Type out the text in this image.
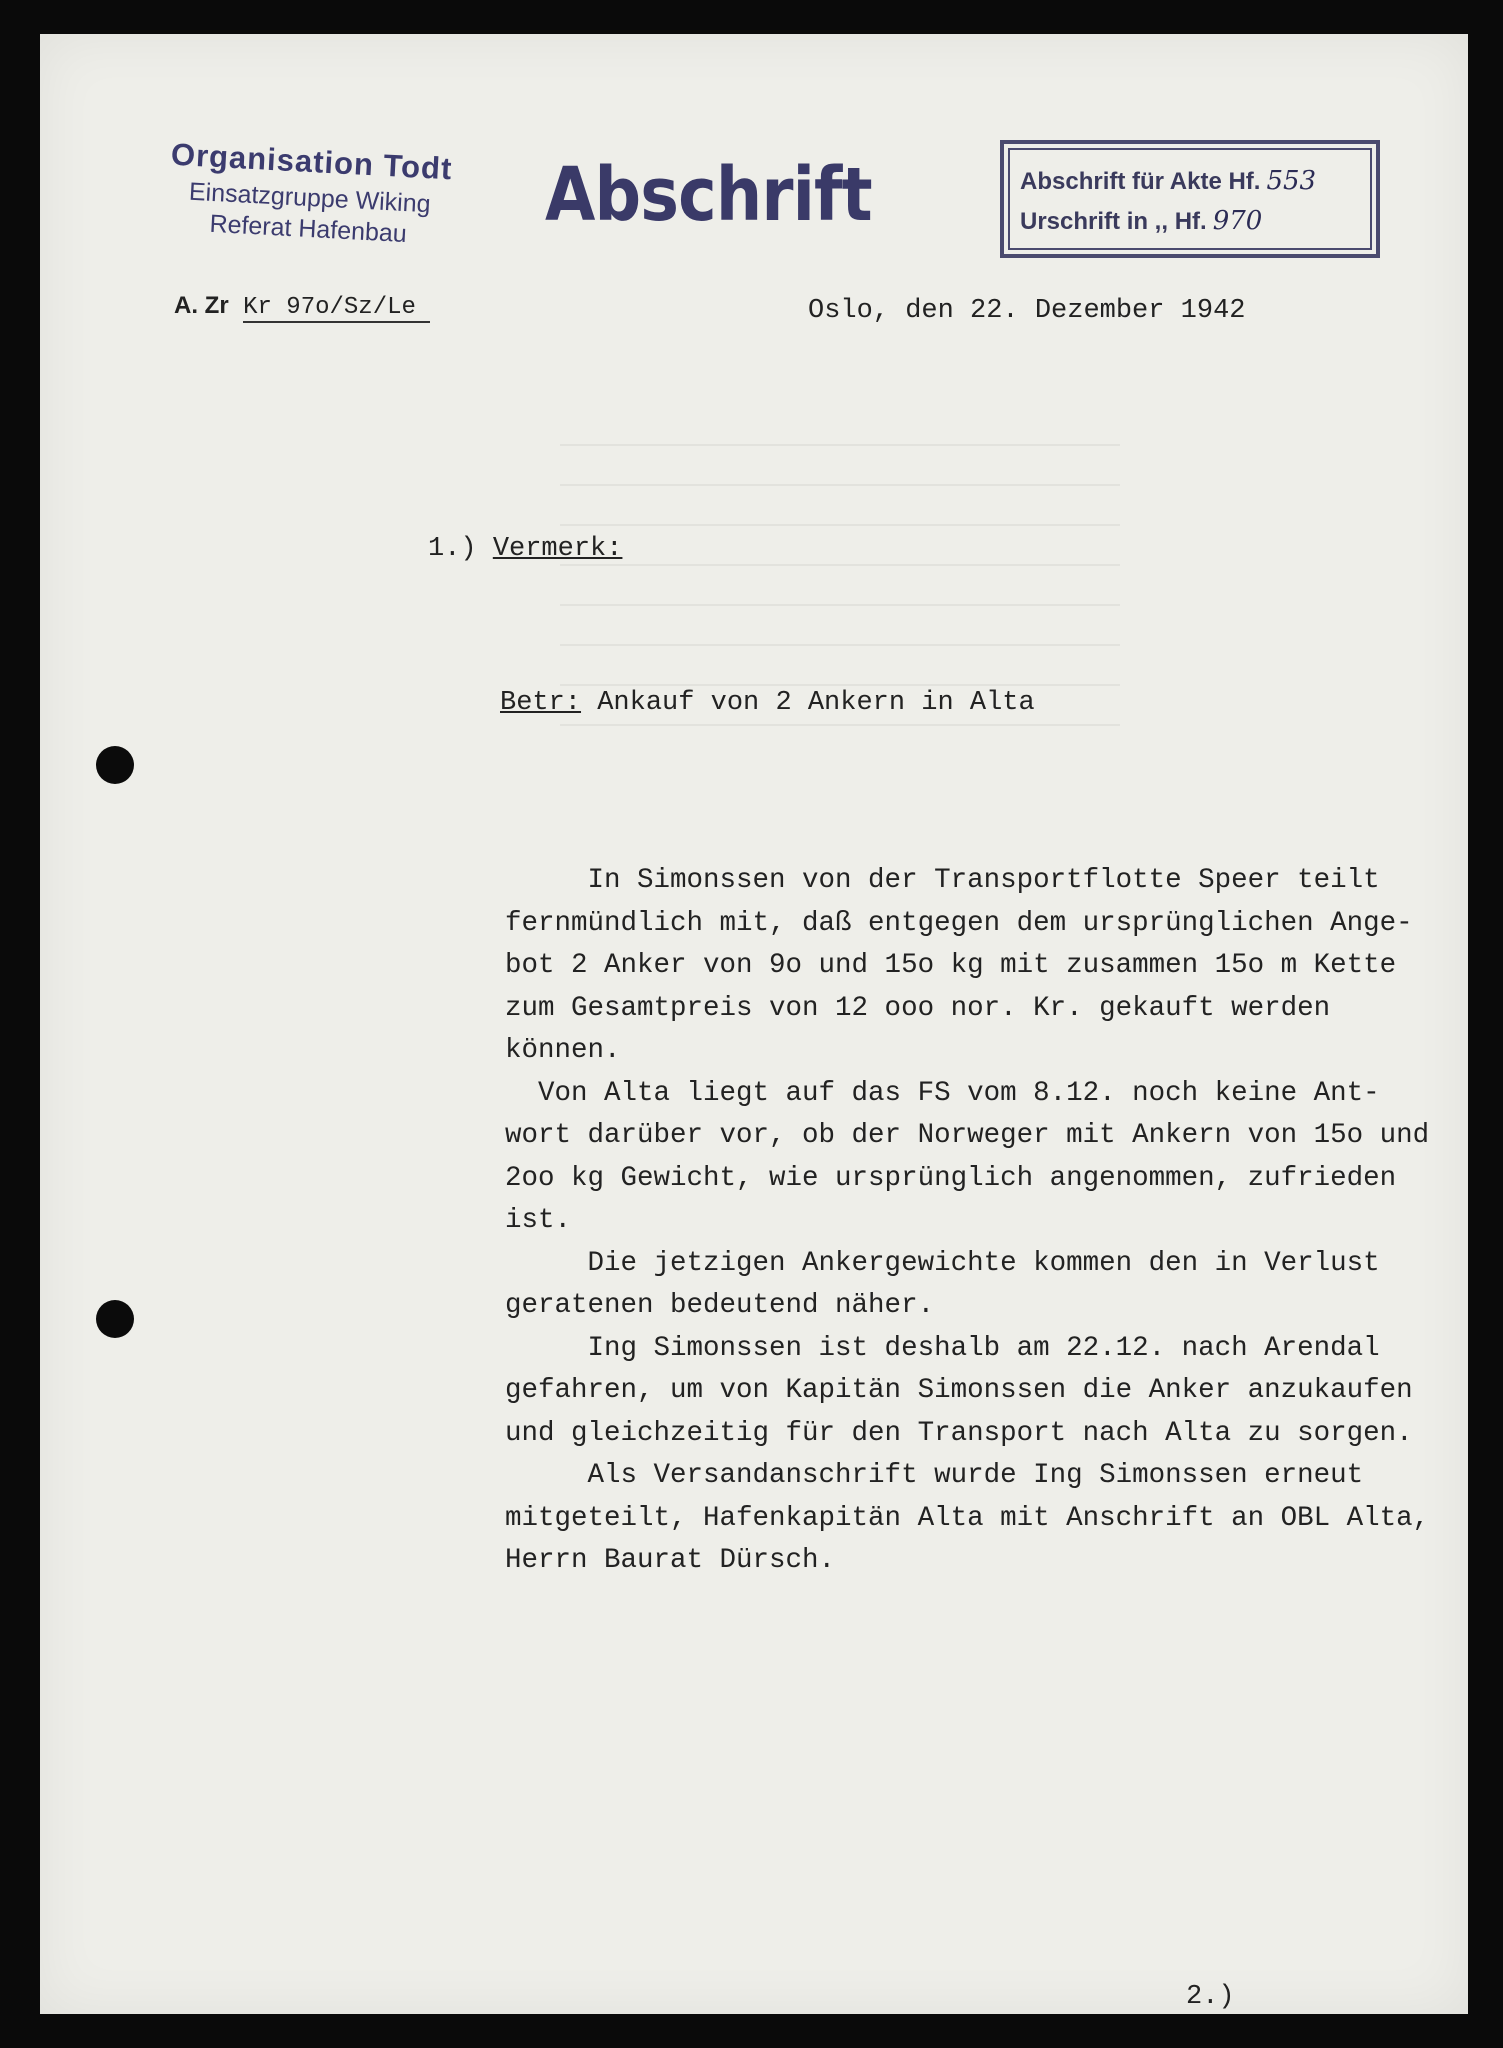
Organisation Todt
Einsatzgruppe Wiking
Referat Hafenbau
A. Zr Kr 97o/Sz/Le
Abschrift	Abschrift für Akte Hf. 553
Urschrift in ,, Hf. 970
Oslo, den 22. Dezember 1942
1.) Vermerk:
Betr: Ankauf von 2 Ankern in Alta
In Simonssen von der Transportflotte Speer teilt
fernmündlich mit, daß entgegen dem ursprünglichen Ange-
bot 2 Anker von 9o und 15o kg mit zusammen 15o m Kette
zum Gesamtpreis von 12 ooo nor. Kr. gekauft werden
können.
Von Alta liegt auf das FS vom 8.12. noch keine Ant-
wort darüber vor, ob der Norweger mit Ankern von 15o und
2oo kg Gewicht, wie ursprünglich angenommen, zufrieden
ist.
Die jetzigen Ankergewichte kommen den in Verlust
geratenen bedeutend näher.
Ing Simonssen ist deshalb am 22.12. nach Arendal
gefahren, um von Kapitän Simonssen die Anker anzukaufen
und gleichzeitig für den Transport nach Alta zu sorgen.
Als Versandanschrift wurde Ing Simonssen erneut
mitgeteilt, Hafenkapitän Alta mit Anschrift an OBL Alta,
Herrn Baurat Dürsch.
2.)
